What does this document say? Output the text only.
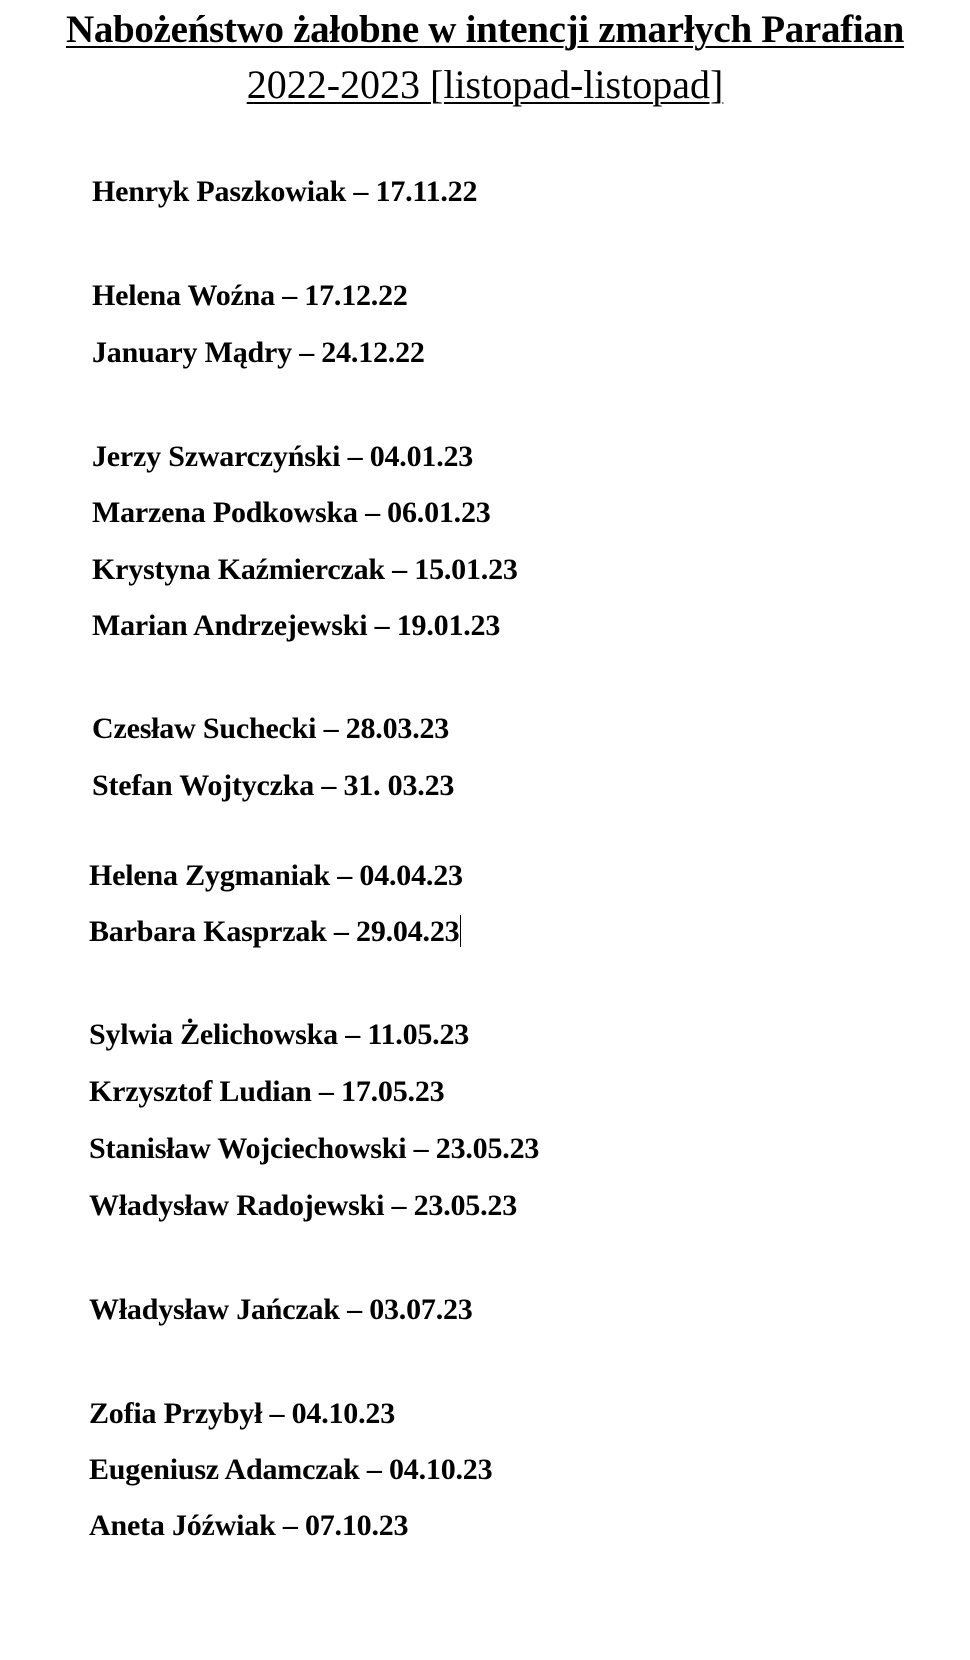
Nabożeństwo żałobne w intencji zmarłych Parafian
2022-2023 [listopad-listopad]
Henryk Paszkowiak – 17.11.22
Helena Woźna – 17.12.22
January Mądry – 24.12.22
Jerzy Szwarczyński – 04.01.23
Marzena Podkowska – 06.01.23
Krystyna Kaźmierczak – 15.01.23
Marian Andrzejewski – 19.01.23
Czesław Suchecki – 28.03.23
Stefan Wojtyczka – 31. 03.23
Helena Zygmaniak – 04.04.23
Barbara Kasprzak – 29.04.23
Sylwia Żelichowska – 11.05.23
Krzysztof Ludian – 17.05.23
Stanisław Wojciechowski – 23.05.23
Władysław Radojewski – 23.05.23
Władysław Jańczak – 03.07.23
Zofia Przybył – 04.10.23
Eugeniusz Adamczak – 04.10.23
Aneta Jóźwiak – 07.10.23
